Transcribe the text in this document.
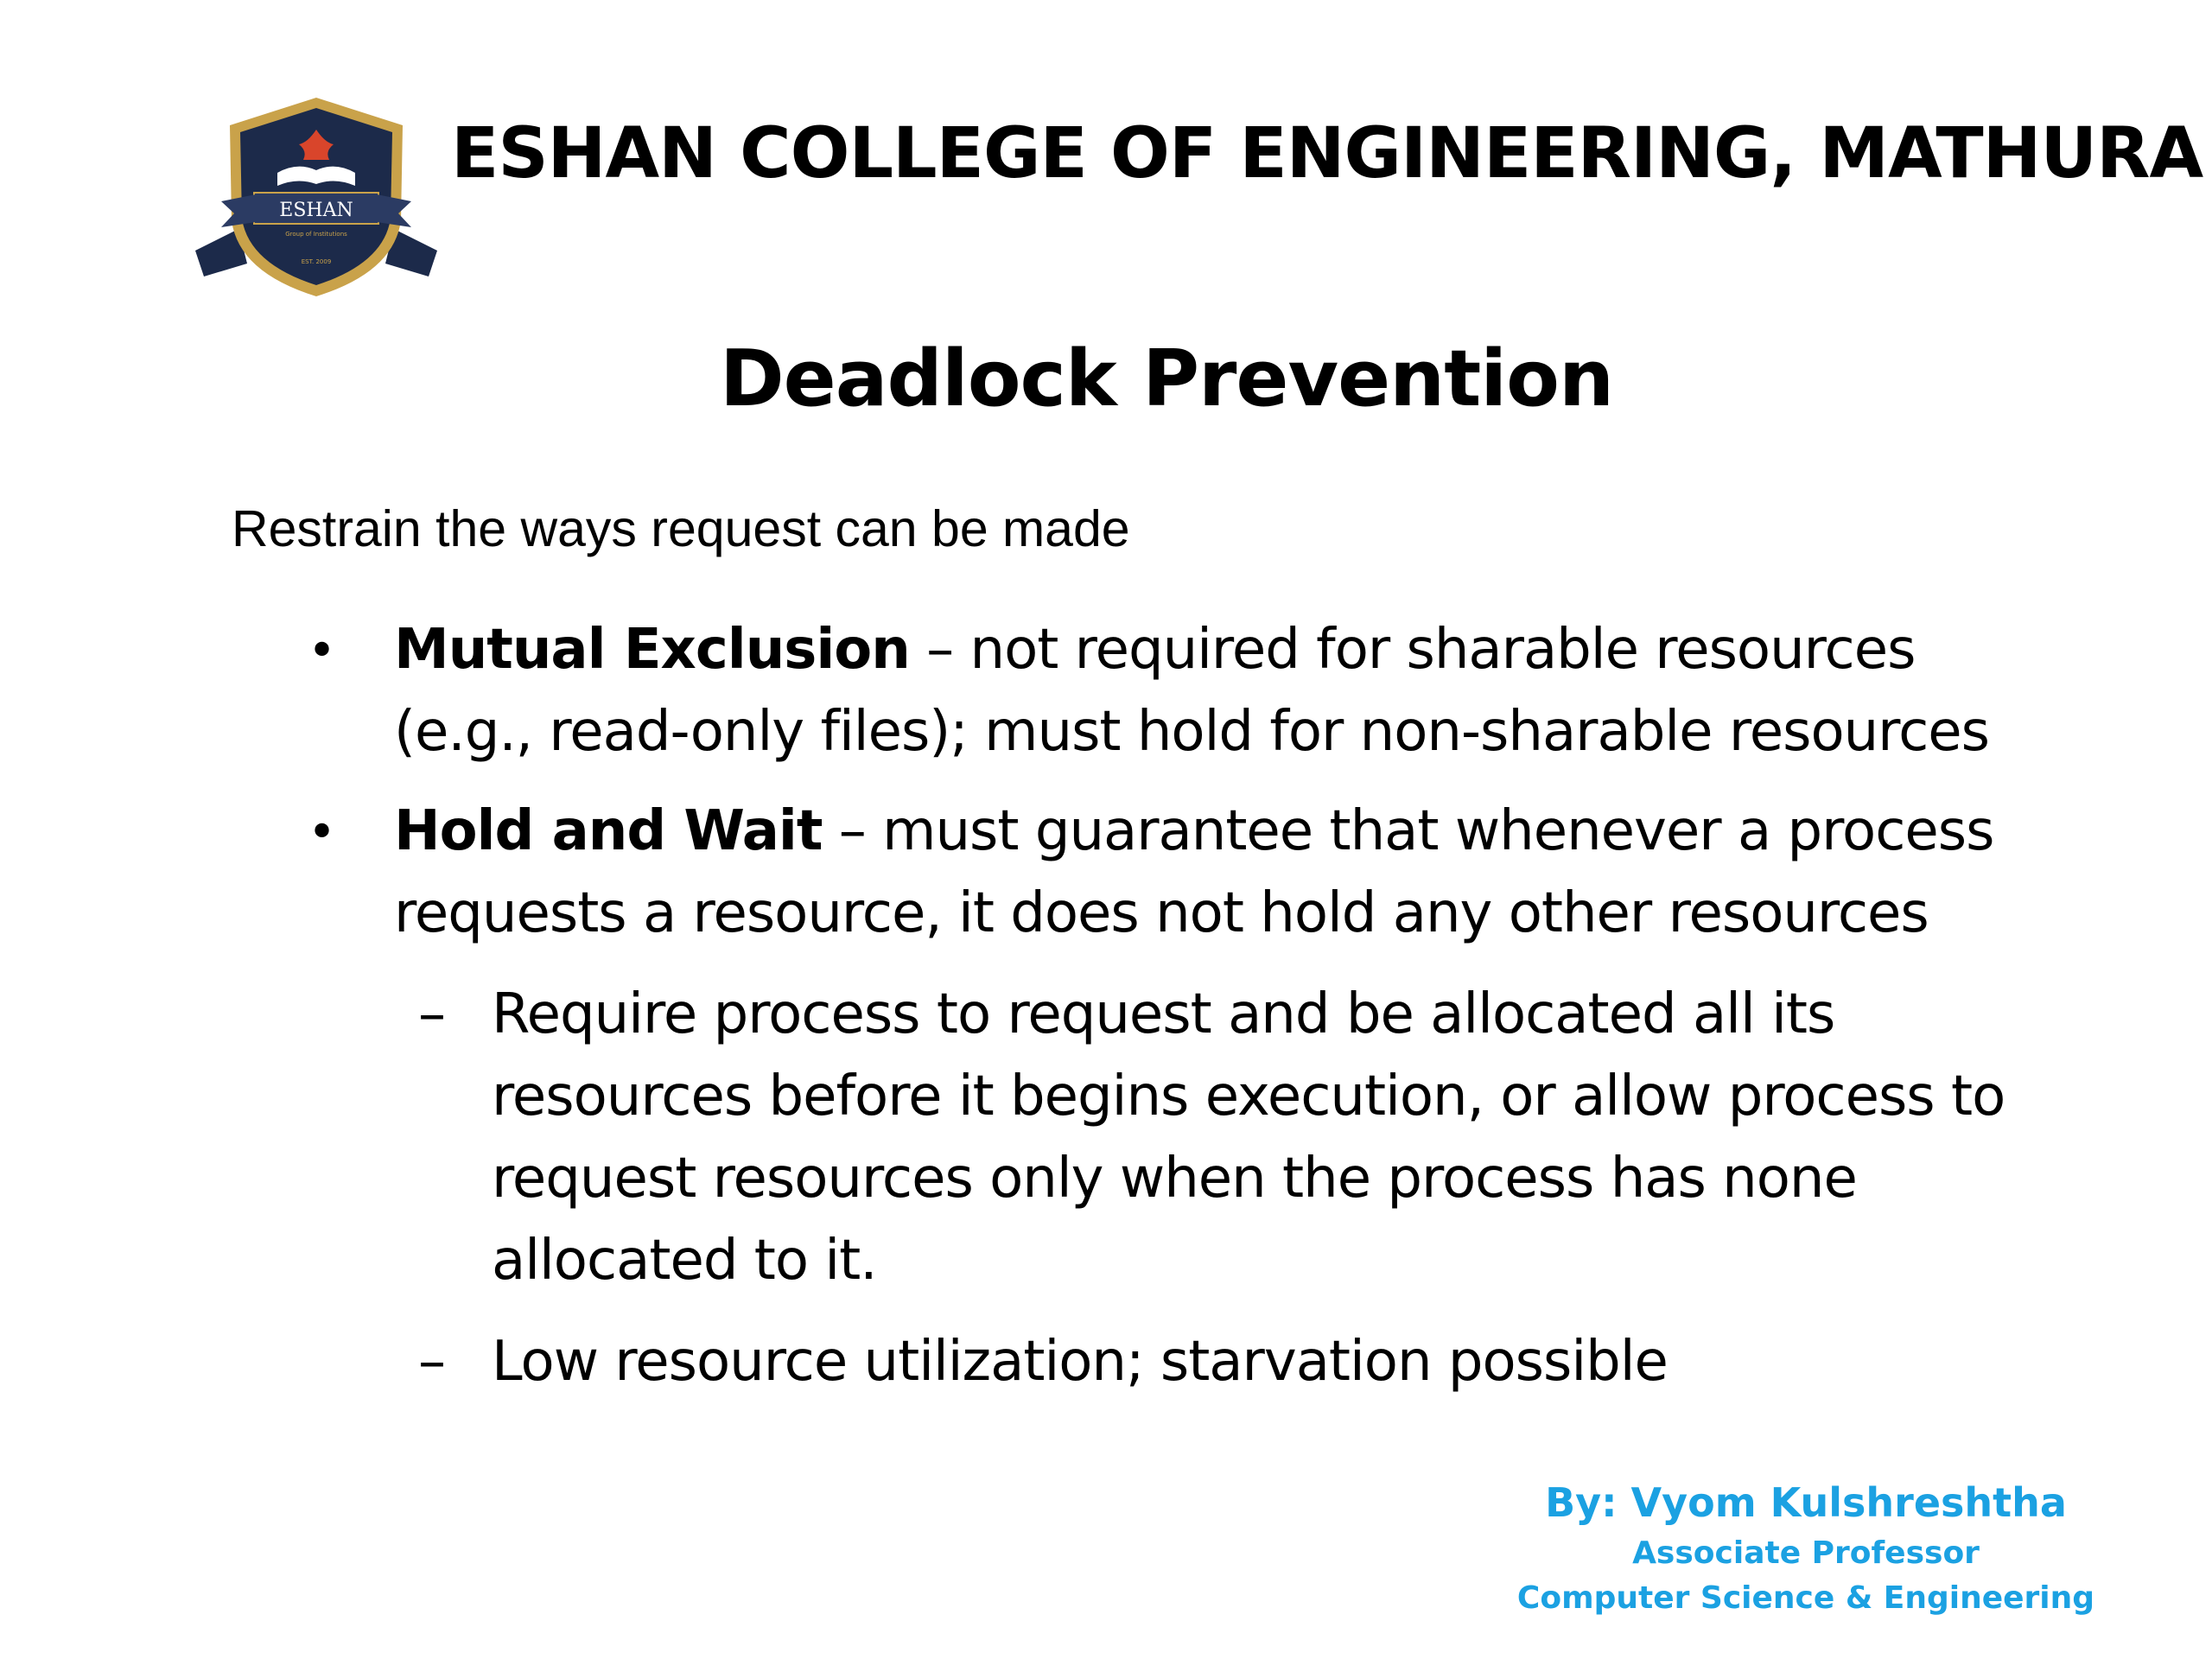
ESHAN
Group of Institutions
EST. 2009
ESHAN COLLEGE OF ENGINEERING, MATHURA
Deadlock Prevention
Restrain the ways request can be made
• Mutual Exclusion – not required for sharable resources
(e.g., read-only files); must hold for non-sharable resources
• Hold and Wait – must guarantee that whenever a process
requests a resource, it does not hold any other resources
– Require process to request and be allocated all its
resources before it begins execution, or allow process to
request resources only when the process has none
allocated to it.
– Low resource utilization; starvation possible
By: Vyom Kulshreshtha
Associate Professor
Computer Science & Engineering
